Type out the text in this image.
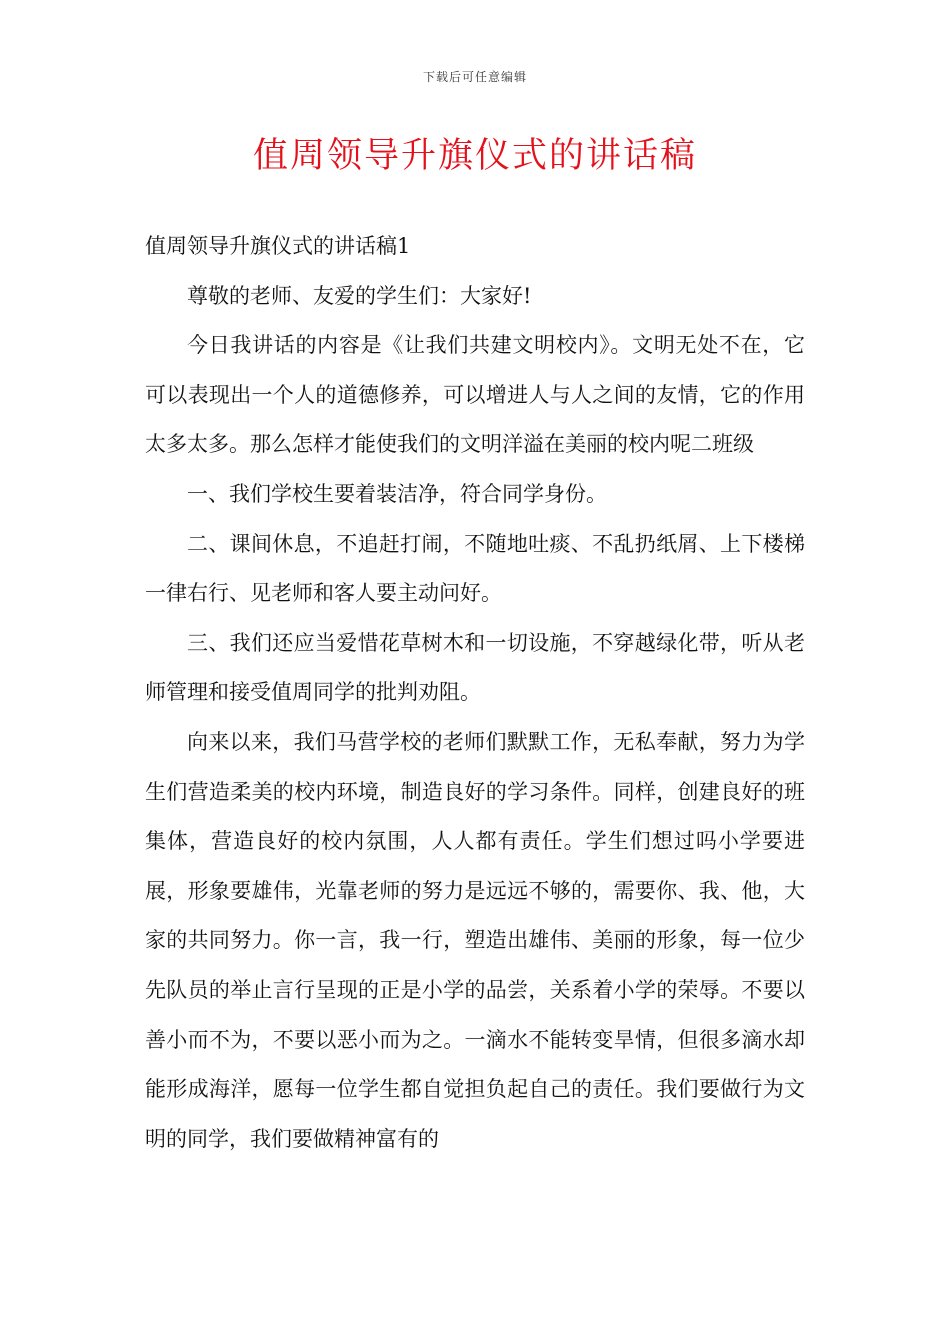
下载后可任意编辑
值周领导升旗仪式的讲话稿

值周领导升旗仪式的讲话稿1

尊敬的老师、友爱的学生们：大家好!

今日我讲话的内容是《让我们共建文明校内》。文明无处不在，它可以表现出一个人的道德修养，可以增进人与人之间的友情，它的作用太多太多。那么怎样才能使我们的文明洋溢在美丽的校内呢二班级

一、我们学校生要着装洁净，符合同学身份。

二、课间休息，不追赶打闹，不随地吐痰、不乱扔纸屑、上下楼梯一律右行、见老师和客人要主动问好。

三、我们还应当爱惜花草树木和一切设施，不穿越绿化带，听从老师管理和接受值周同学的批判劝阻。

向来以来，我们马营学校的老师们默默工作，无私奉献，努力为学生们营造柔美的校内环境，制造良好的学习条件。同样，创建良好的班集体，营造良好的校内氛围，人人都有责任。学生们想过吗小学要进展，形象要雄伟，光靠老师的努力是远远不够的，需要你、我、他，大家的共同努力。你一言，我一行，塑造出雄伟、美丽的形象，每一位少先队员的举止言行呈现的正是小学的品尝，关系着小学的荣辱。不要以善小而不为，不要以恶小而为之。一滴水不能转变旱情，但很多滴水却能形成海洋，愿每一位学生都自觉担负起自己的责任。我们要做行为文明的同学，我们要做精神富有的
